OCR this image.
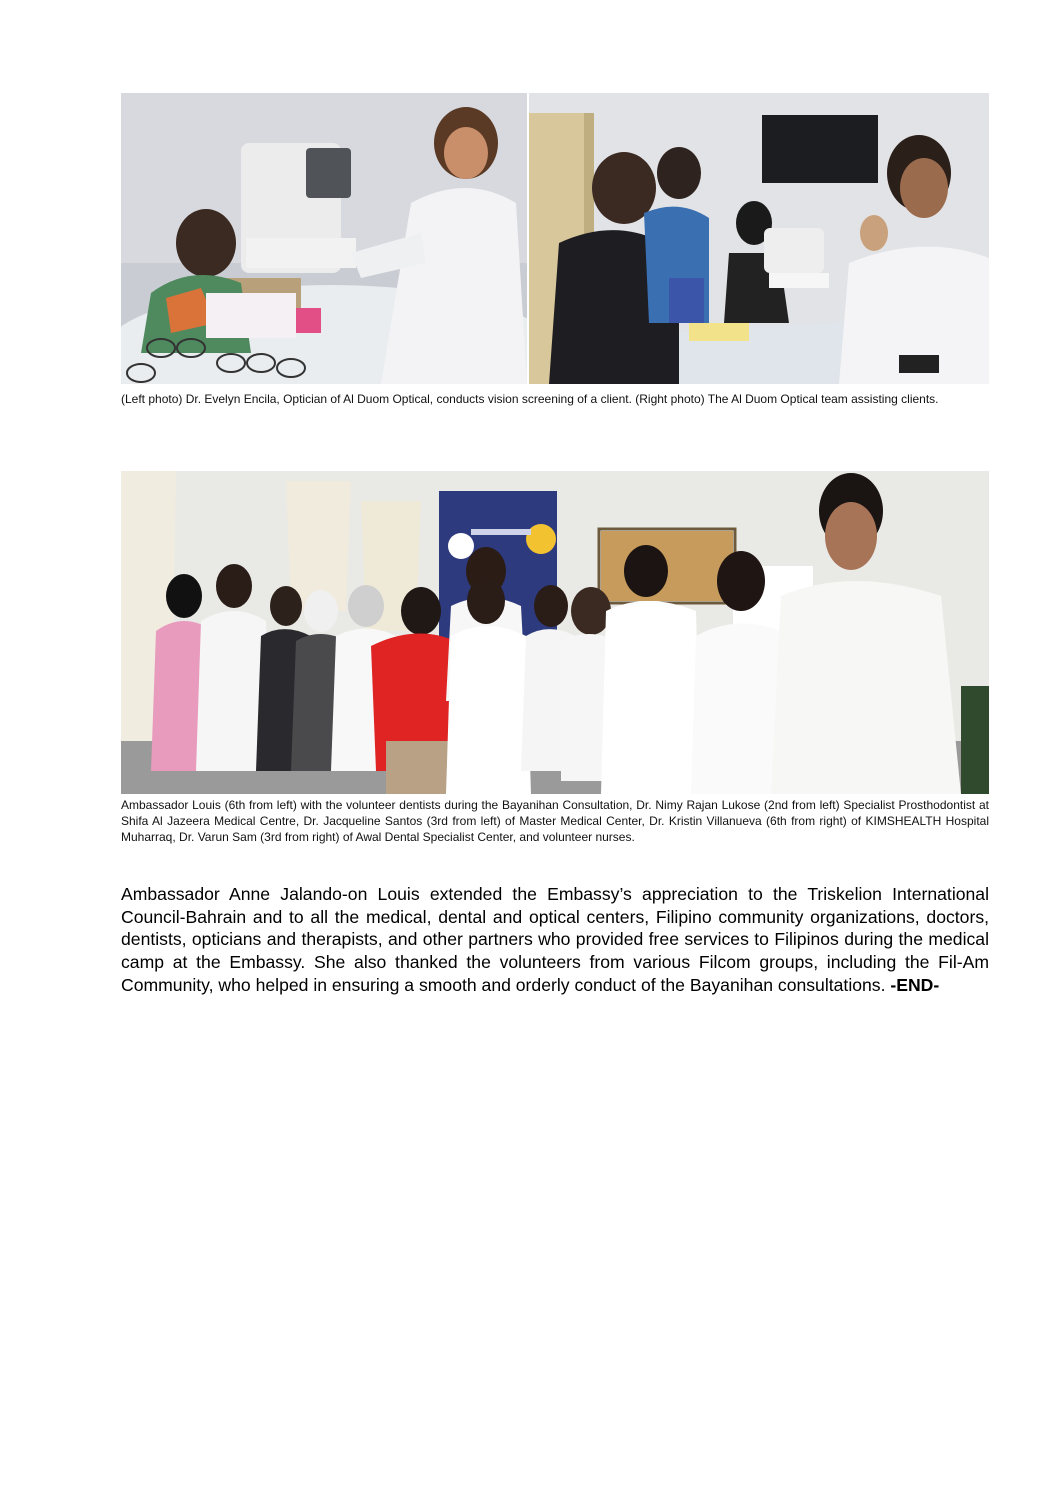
(Left photo) Dr. Evelyn Encila, Optician of Al Duom Optical, conducts vision screening of a client. (Right photo) The Al Duom Optical team assisting clients.
Ambassador Louis (6th from left) with the volunteer dentists during the Bayanihan Consultation, Dr. Nimy Rajan Lukose (2nd from left) Specialist Prosthodontist at Shifa Al Jazeera Medical Centre, Dr. Jacqueline Santos (3rd from left) of Master Medical Center, Dr. Kristin Villanueva (6th from right) of KIMSHEALTH Hospital Muharraq, Dr. Varun Sam (3rd from right) of Awal Dental Specialist Center, and volunteer nurses.

Ambassador Anne Jalando-on Louis extended the Embassy’s appreciation to the Triskelion International Council-Bahrain and to all the medical, dental and optical centers, Filipino community organizations, doctors, dentists, opticians and therapists, and other partners who provided free services to Filipinos during the medical camp at the Embassy. She also thanked the volunteers from various Filcom groups, including the Fil-Am Community, who helped in ensuring a smooth and orderly conduct of the Bayanihan consultations. -END-
